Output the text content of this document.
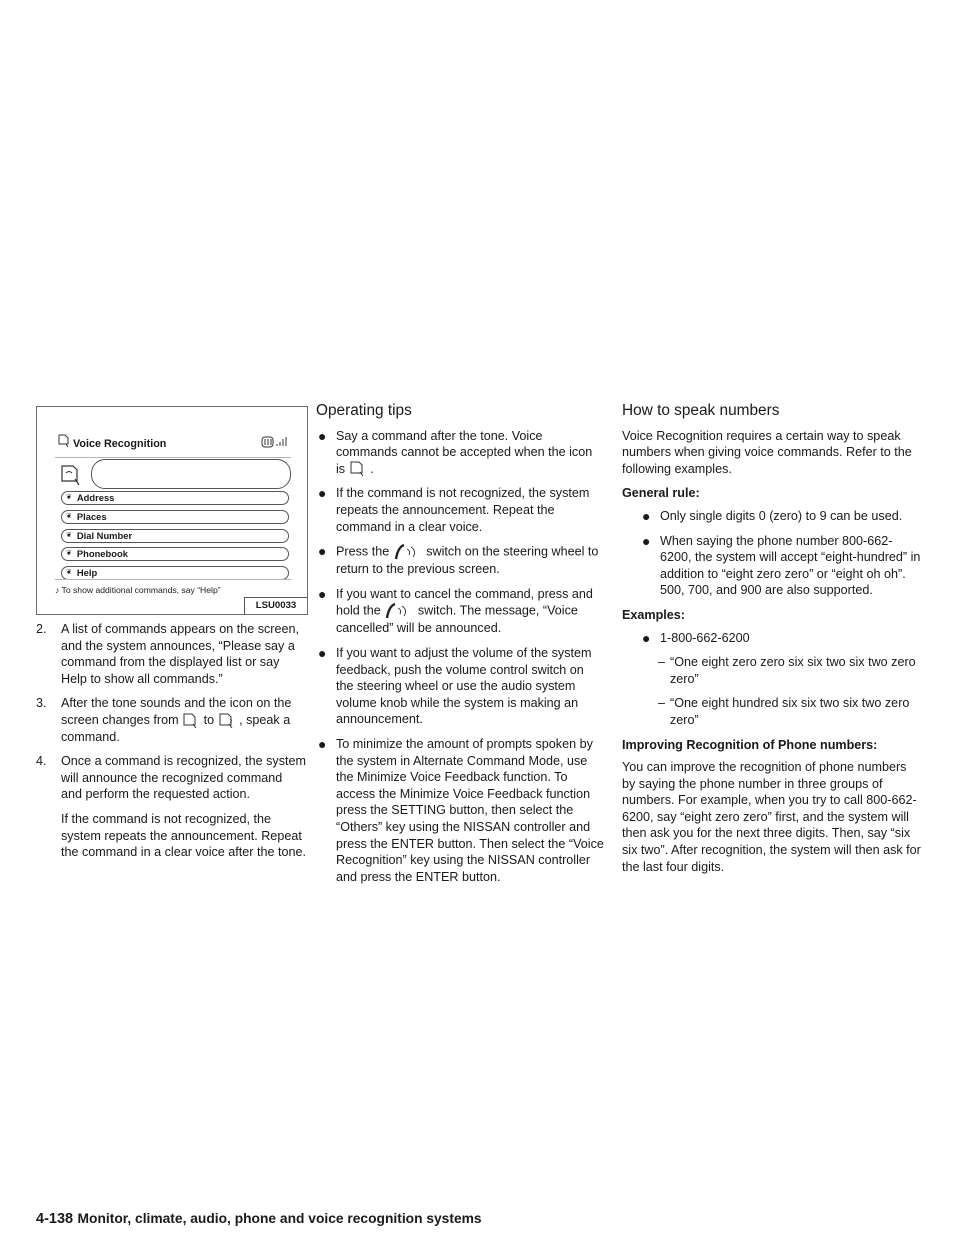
Voice Recognition
❦ Address
❦ Places
❦ Dial Number
❦ Phonebook
❦ Help
♪ To show additional commands, say “Help”
LSU0033
2. A list of commands appears on the screen, and the system announces, “Please say a command from the displayed list or say Help to show all commands.”
3. After the tone sounds and the icon on the screen changes from to , speak a command.
4. Once a command is recognized, the system will announce the recognized command and perform the requested action.
If the command is not recognized, the system repeats the announcement. Repeat the command in a clear voice after the tone.
Operating tips
● Say a command after the tone. Voice commands cannot be accepted when the icon is .
● If the command is not recognized, the system repeats the announcement. Repeat the command in a clear voice.
● Press the	switch on the steering wheel to return to the previous screen.
● If you want to cancel the command, press and hold the	switch. The message, “Voice cancelled” will be announced.
● If you want to adjust the volume of the system feedback, push the volume control switch on the steering wheel or use the audio system volume knob while the system is making an announcement.
● To minimize the amount of prompts spoken by the system in Alternate Command Mode, use the Minimize Voice Feedback function. To access the Minimize Voice Feedback function press the SETTING button, then select the “Others” key using the NISSAN controller and press the ENTER button. Then select the “Voice Recognition” key using the NISSAN controller and press the ENTER button.
How to speak numbers
Voice Recognition requires a certain way to speak numbers when giving voice commands. Refer to the following examples.
General rule:
● Only single digits 0 (zero) to 9 can be used.
● When saying the phone number 800-662-6200, the system will accept “eight-hundred” in addition to “eight zero zero” or “eight oh oh”. 500, 700, and 900 are also supported.
Examples:
● 1-800-662-6200
– “One eight zero zero six six two six two zero zero”
– “One eight hundred six six two six two zero zero”
Improving Recognition of Phone numbers:
You can improve the recognition of phone numbers by saying the phone number in three groups of numbers. For example, when you try to call 800-662-6200, say “eight zero zero” first, and the system will then ask you for the next three digits. Then, say “six six two”. After recognition, the system will then ask for the last four digits.
4-138 Monitor, climate, audio, phone and voice recognition systems
